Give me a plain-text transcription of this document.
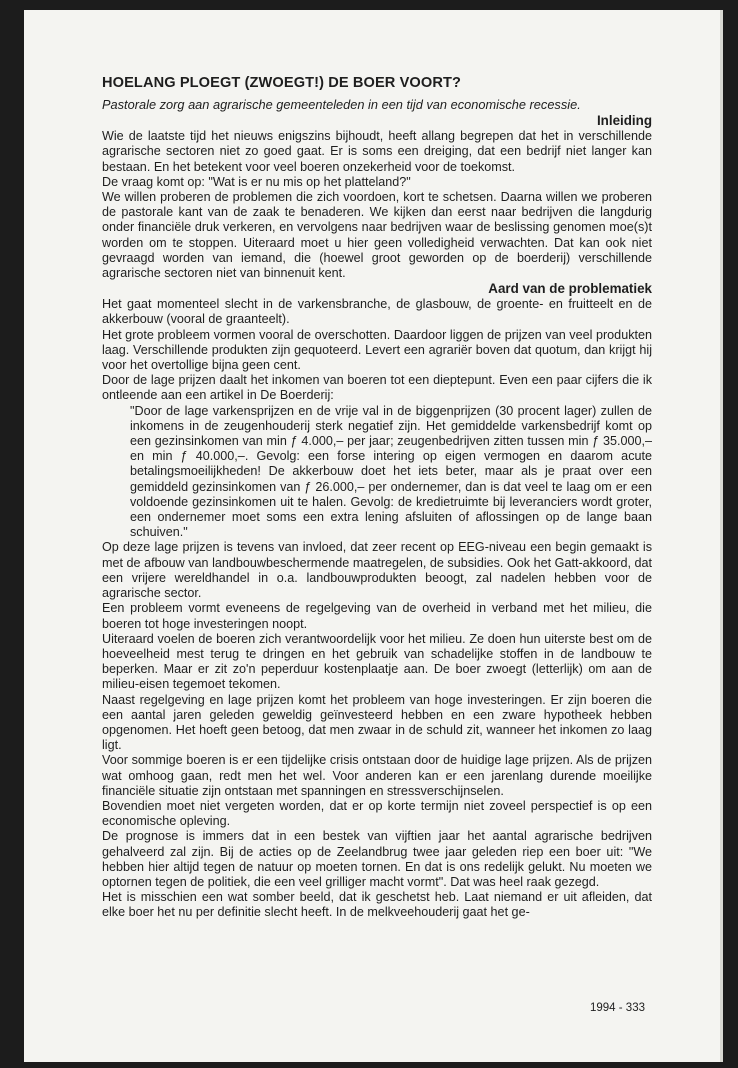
HOELANG PLOEGT (ZWOEGT!) DE BOER VOORT?

Pastorale zorg aan agrarische gemeenteleden in een tijd van economische recessie.

Inleiding

Wie de laatste tijd het nieuws enigszins bijhoudt, heeft allang begrepen dat het in verschillende agrarische sectoren niet zo goed gaat. Er is soms een dreiging, dat een bedrijf niet langer kan bestaan. En het betekent voor veel boeren onzekerheid voor de toekomst.

De vraag komt op: "Wat is er nu mis op het platteland?"

We willen proberen de problemen die zich voordoen, kort te schetsen. Daarna willen we proberen de pastorale kant van de zaak te benaderen. We kijken dan eerst naar bedrijven die langdurig onder financiële druk verkeren, en vervolgens naar bedrijven waar de beslissing genomen moe(s)t worden om te stoppen. Uiteraard moet u hier geen volledigheid verwachten. Dat kan ook niet gevraagd worden van iemand, die (hoewel groot geworden op de boerderij) verschillende agrarische sectoren niet van binnenuit kent.

Aard van de problematiek

Het gaat momenteel slecht in de varkensbranche, de glasbouw, de groente- en fruitteelt en de akkerbouw (vooral de graanteelt).

Het grote probleem vormen vooral de overschotten. Daardoor liggen de prijzen van veel produkten laag. Verschillende produkten zijn gequoteerd. Levert een agrariër boven dat quotum, dan krijgt hij voor het overtollige bijna geen cent.

Door de lage prijzen daalt het inkomen van boeren tot een dieptepunt. Even een paar cijfers die ik ontleende aan een artikel in De Boerderij:

"Door de lage varkensprijzen en de vrije val in de biggenprijzen (30 procent lager) zullen de inkomens in de zeugenhouderij sterk negatief zijn. Het gemiddelde varkensbedrijf komt op een gezinsinkomen van min ƒ 4.000,– per jaar; zeugenbedrijven zitten tussen min ƒ 35.000,– en min ƒ 40.000,–. Gevolg: een forse intering op eigen vermogen en daarom acute betalingsmoeilijkheden! De akkerbouw doet het iets beter, maar als je praat over een gemiddeld gezinsinkomen van ƒ 26.000,– per ondernemer, dan is dat veel te laag om er een voldoende gezinsinkomen uit te halen. Gevolg: de kredietruimte bij leveranciers wordt groter, een ondernemer moet soms een extra lening afsluiten of aflossingen op de lange baan schuiven."

Op deze lage prijzen is tevens van invloed, dat zeer recent op EEG-niveau een begin gemaakt is met de afbouw van landbouwbeschermende maatregelen, de subsidies. Ook het Gatt-akkoord, dat een vrijere wereldhandel in o.a. landbouwprodukten beoogt, zal nadelen hebben voor de agrarische sector.

Een probleem vormt eveneens de regelgeving van de overheid in verband met het milieu, die boeren tot hoge investeringen noopt.

Uiteraard voelen de boeren zich verantwoordelijk voor het milieu. Ze doen hun uiterste best om de hoeveelheid mest terug te dringen en het gebruik van schadelijke stoffen in de landbouw te beperken. Maar er zit zo'n peperduur kostenplaatje aan. De boer zwoegt (letterlijk) om aan de milieu-eisen tegemoet tekomen.

Naast regelgeving en lage prijzen komt het probleem van hoge investeringen. Er zijn boeren die een aantal jaren geleden geweldig geïnvesteerd hebben en een zware hypotheek hebben opgenomen. Het hoeft geen betoog, dat men zwaar in de schuld zit, wanneer het inkomen zo laag ligt.

Voor sommige boeren is er een tijdelijke crisis ontstaan door de huidige lage prijzen. Als de prijzen wat omhoog gaan, redt men het wel. Voor anderen kan er een jarenlang durende moeilijke financiële situatie zijn ontstaan met spanningen en stressverschijnselen.

Bovendien moet niet vergeten worden, dat er op korte termijn niet zoveel perspectief is op een economische opleving.

De prognose is immers dat in een bestek van vijftien jaar het aantal agrarische bedrijven gehalveerd zal zijn. Bij de acties op de Zeelandbrug twee jaar geleden riep een boer uit: "We hebben hier altijd tegen de natuur op moeten tornen. En dat is ons redelijk gelukt. Nu moeten we optornen tegen de politiek, die een veel grilliger macht vormt". Dat was heel raak gezegd.

Het is misschien een wat somber beeld, dat ik geschetst heb. Laat niemand er uit afleiden, dat elke boer het nu per definitie slecht heeft. In de melkveehouderij gaat het ge-

1994 - 333
